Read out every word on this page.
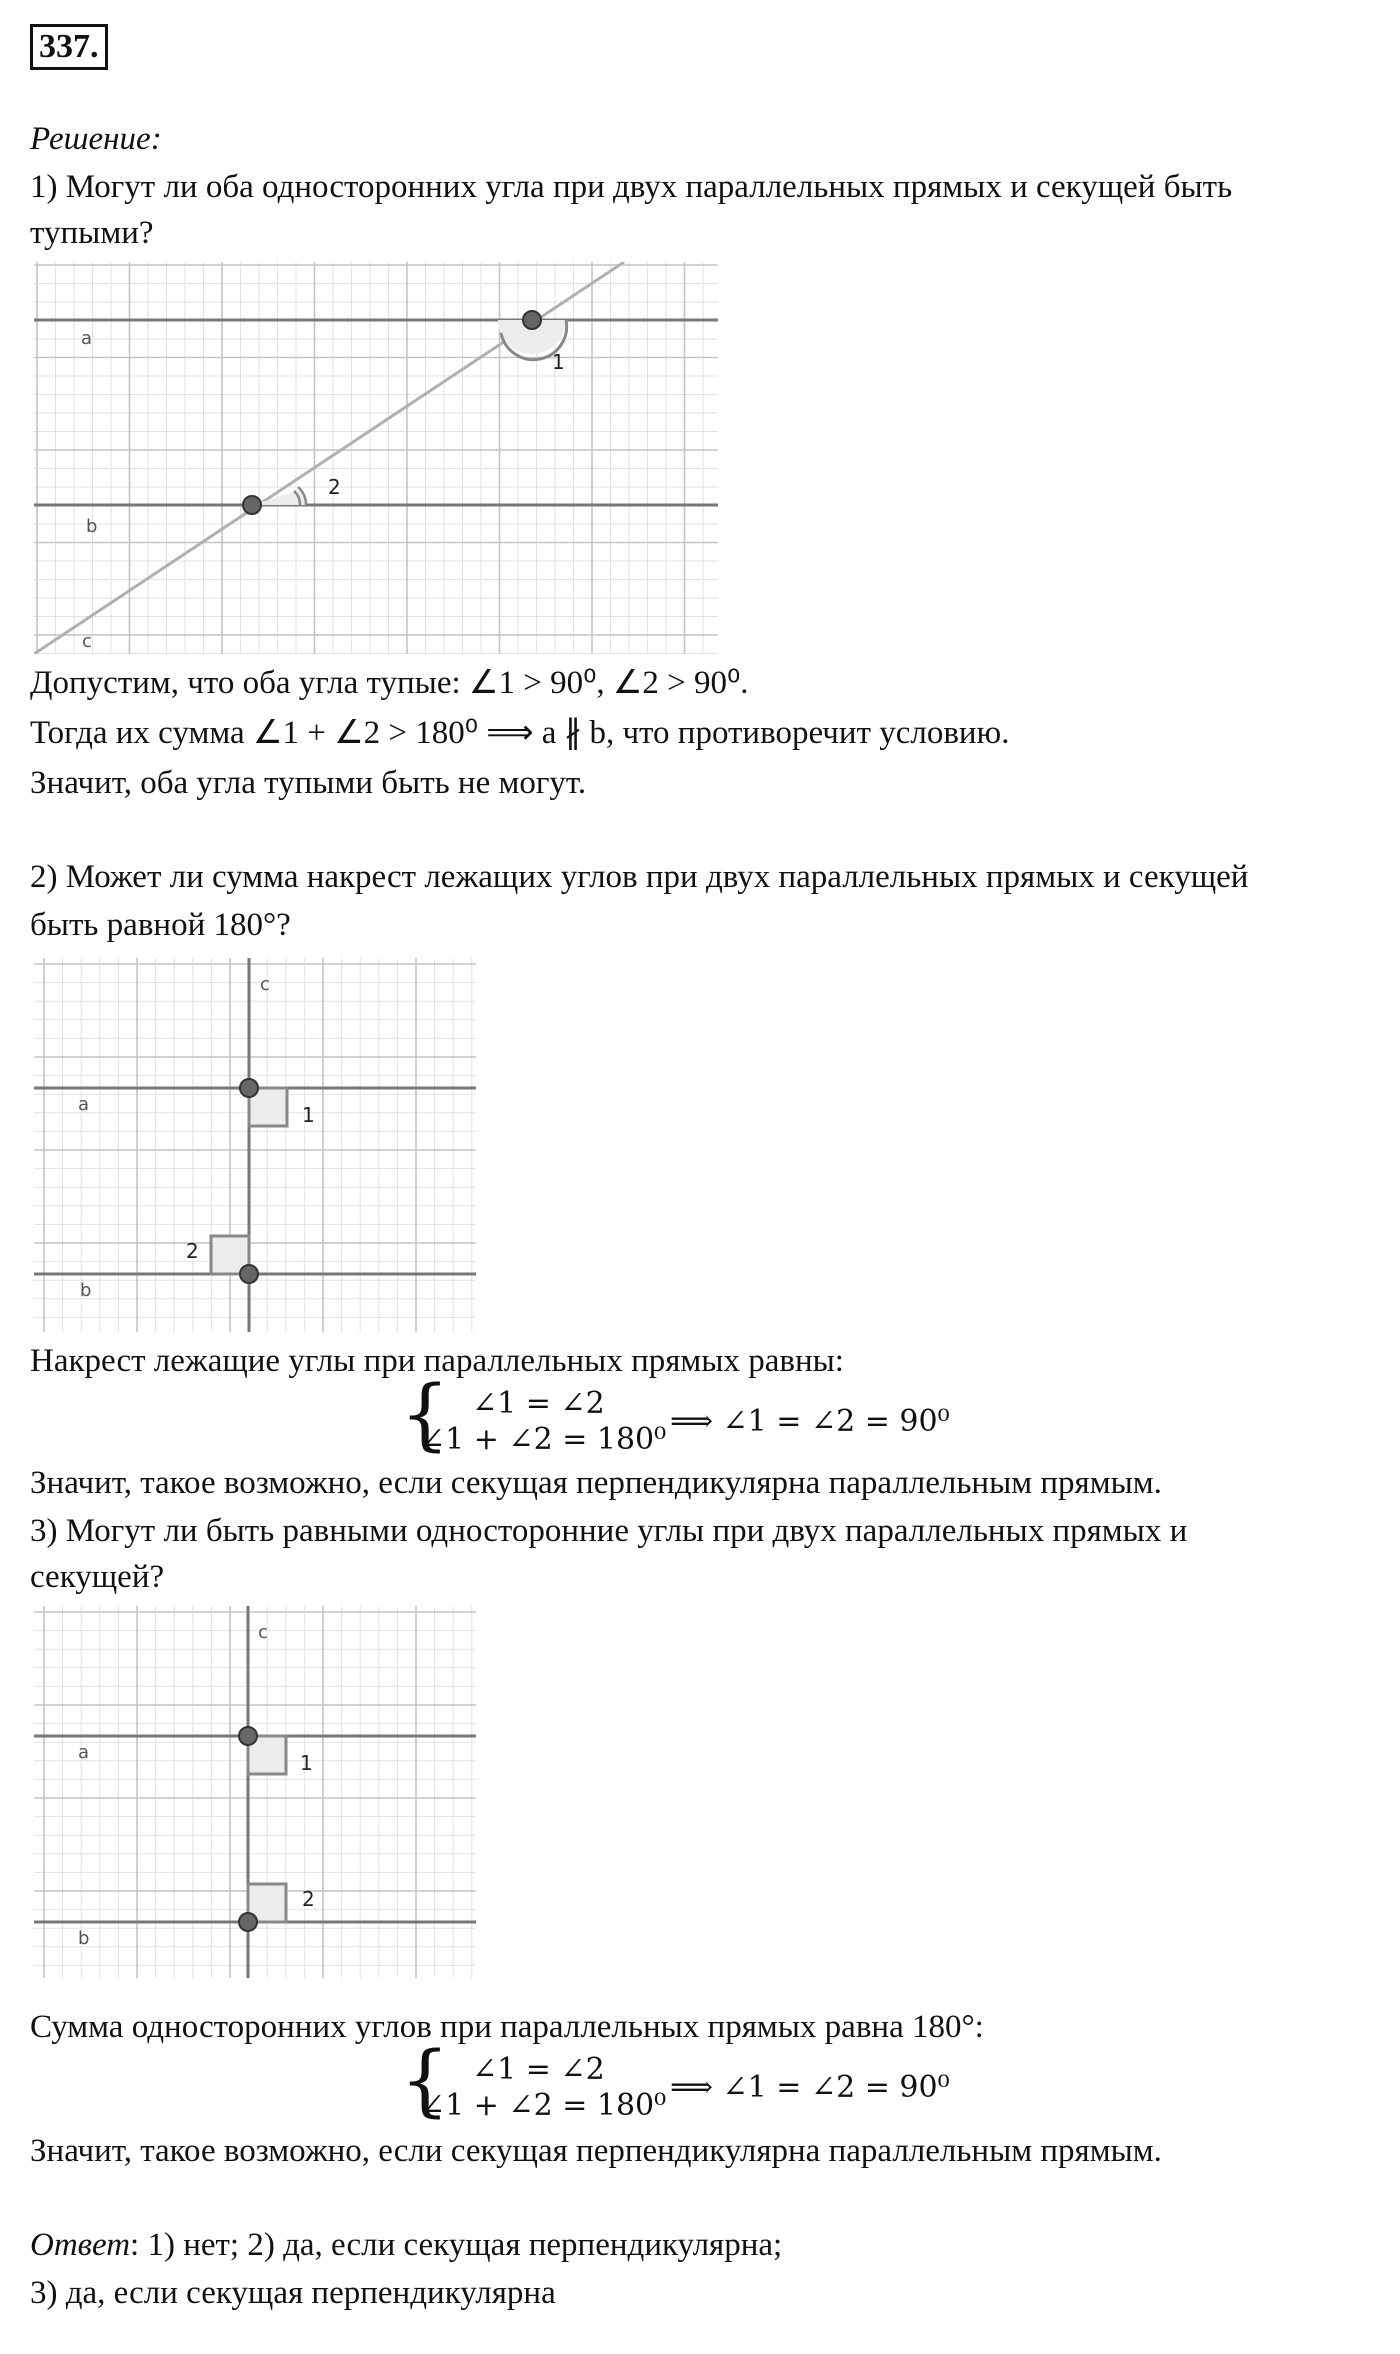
337.
Решение:
1) Могут ли оба односторонних угла при двух параллельных прямых и секущей быть
тупыми?
a
b
c
1
2
Допустим, что оба угла тупые: ∠1 > 90⁰, ∠2 > 90⁰.
Тогда их сумма ∠1 + ∠2 > 180⁰ ⟹ a ∦ b, что противоречит условию.
Значит, оба угла тупыми быть не могут.
2) Может ли сумма накрест лежащих углов при двух параллельных прямых и секущей
быть равной 180°?
a
b
c
1
2
Накрест лежащие углы при параллельных прямых равны:
{ ∠1 = ∠2
∠1 + ∠2 = 180⁰
⟹ ∠1 = ∠2 = 90⁰
Значит, такое возможно, если секущая перпендикулярна параллельным прямым.
3) Могут ли быть равными односторонние углы при двух параллельных прямых и
секущей?
a
b
c
1
2
Сумма односторонних углов при параллельных прямых равна 180°:
{ ∠1 = ∠2
∠1 + ∠2 = 180⁰
⟹ ∠1 = ∠2 = 90⁰
Значит, такое возможно, если секущая перпендикулярна параллельным прямым.
Ответ: 1) нет; 2) да, если секущая перпендикулярна;
3) да, если секущая перпендикулярна
